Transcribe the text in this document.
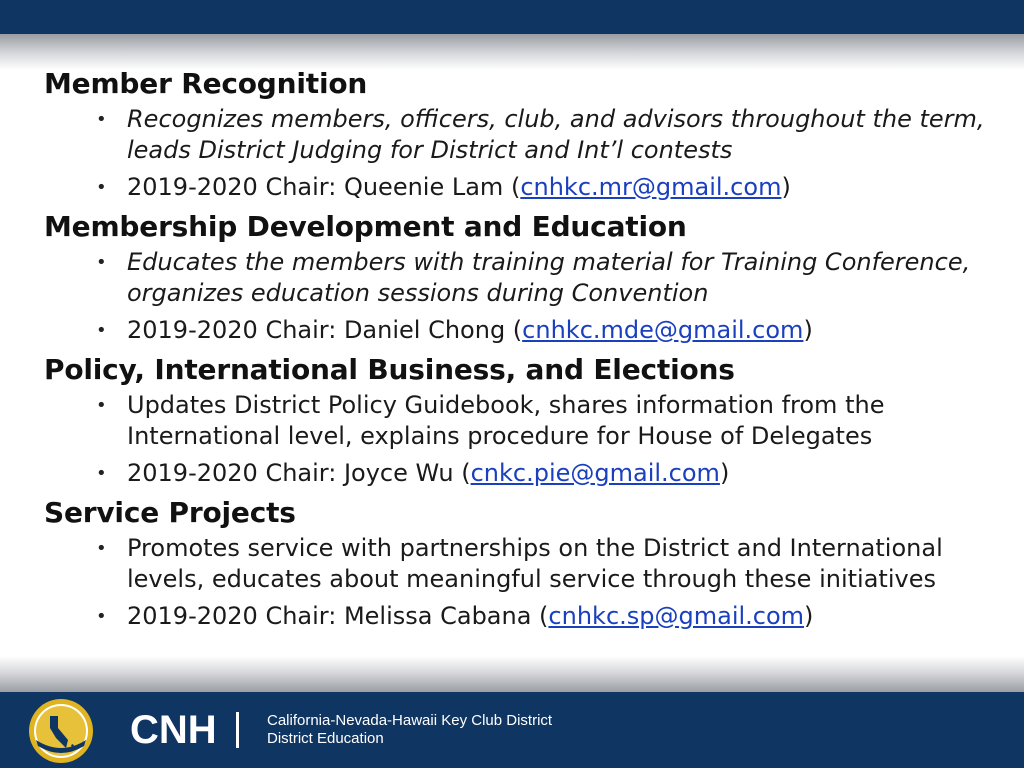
Member Recognition
• Recognizes members, officers, club, and advisors throughout the term, leads District Judging for District and Int’l contests
• 2019-2020 Chair: Queenie Lam (cnhkc.mr@gmail.com)
Membership Development and Education
• Educates the members with training material for Training Conference, organizes education sessions during Convention
• 2019-2020 Chair: Daniel Chong (cnhkc.mde@gmail.com)
Policy, International Business, and Elections
• Updates District Policy Guidebook, shares information from the International level, explains procedure for House of Delegates
• 2019-2020 Chair: Joyce Wu (cnkc.pie@gmail.com)
Service Projects
• Promotes service with partnerships on the District and International levels, educates about meaningful service through these initiatives
• 2019-2020 Chair: Melissa Cabana (cnhkc.sp@gmail.com)
CNH	California-Nevada-Hawaii Key Club District
District Education
